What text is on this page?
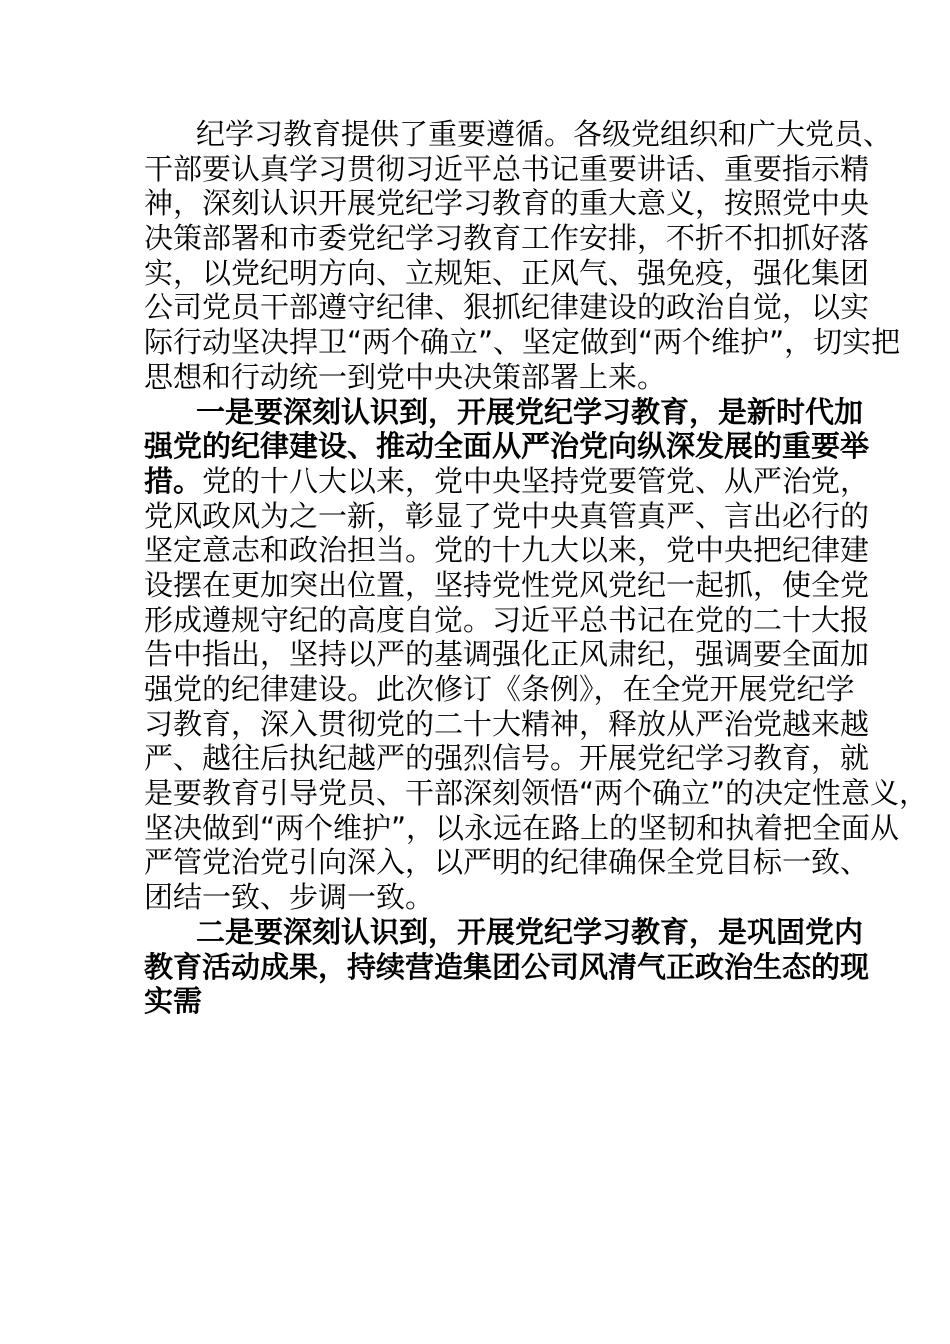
纪学习教育提供了重要遵循。各级党组织和广大党员、
干部要认真学习贯彻习近平总书记重要讲话、重要指示精
神，深刻认识开展党纪学习教育的重大意义，按照党中央
决策部署和市委党纪学习教育工作安排，不折不扣抓好落
实，以党纪明方向、立规矩、正风气、强免疫，强化集团
公司党员干部遵守纪律、狠抓纪律建设的政治自觉，以实
际行动坚决捍卫“两个确立”、坚定做到“两个维护”，切实把
思想和行动统一到党中央决策部署上来。
一是要深刻认识到，开展党纪学习教育，是新时代加
强党的纪律建设、推动全面从严治党向纵深发展的重要举
措。党的十八大以来，党中央坚持党要管党、从严治党，
党风政风为之一新，彰显了党中央真管真严、言出必行的
坚定意志和政治担当。党的十九大以来，党中央把纪律建
设摆在更加突出位置，坚持党性党风党纪一起抓，使全党
形成遵规守纪的高度自觉。习近平总书记在党的二十大报
告中指出，坚持以严的基调强化正风肃纪，强调要全面加
强党的纪律建设。此次修订《条例》，在全党开展党纪学
习教育，深入贯彻党的二十大精神，释放从严治党越来越
严、越往后执纪越严的强烈信号。开展党纪学习教育，就
是要教育引导党员、干部深刻领悟“两个确立”的决定性意义，
坚决做到“两个维护”，以永远在路上的坚韧和执着把全面从
严管党治党引向深入，以严明的纪律确保全党目标一致、
团结一致、步调一致。
二是要深刻认识到，开展党纪学习教育，是巩固党内
教育活动成果，持续营造集团公司风清气正政治生态的现
实需
